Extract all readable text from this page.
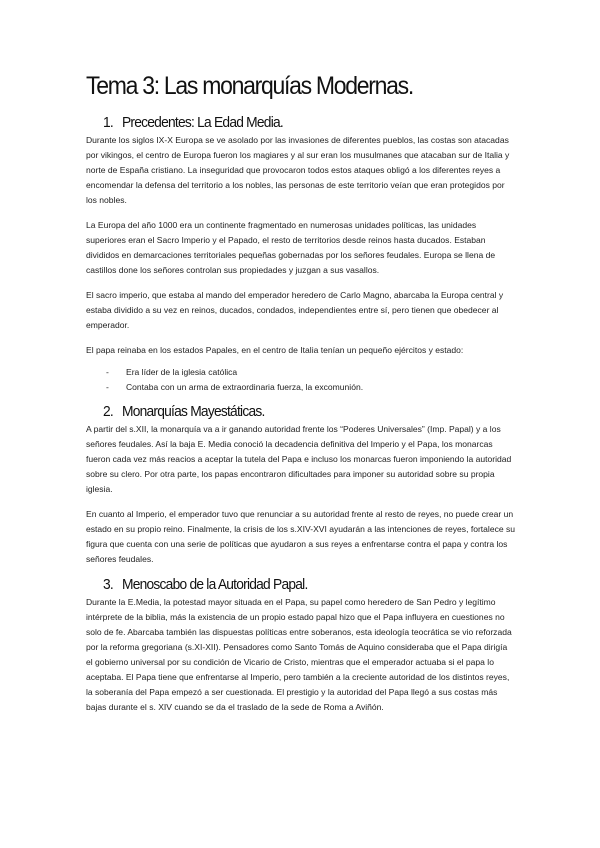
Tema 3: Las monarquías Modernas.
1. Precedentes: La Edad Media.

Durante los siglos IX-X Europa se ve asolado por las invasiones de diferentes pueblos, las costas son atacadas por vikingos, el centro de Europa fueron los magiares y al sur eran los musulmanes que atacaban sur de Italia y norte de España cristiano. La inseguridad que provocaron todos estos ataques obligó a los diferentes reyes a encomendar la defensa del territorio a los nobles, las personas de este territorio veían que eran protegidos por los nobles.

La Europa del año 1000 era un continente fragmentado en numerosas unidades políticas, las unidades superiores eran el Sacro Imperio y el Papado, el resto de territorios desde reinos hasta ducados. Estaban divididos en demarcaciones territoriales pequeñas gobernadas por los señores feudales. Europa se llena de castillos done los señores controlan sus propiedades y juzgan a sus vasallos.

El sacro imperio, que estaba al mando del emperador heredero de Carlo Magno, abarcaba la Europa central y estaba dividido a su vez en reinos, ducados, condados, independientes entre sí, pero tienen que obedecer al emperador.

El papa reinaba en los estados Papales, en el centro de Italia tenían un pequeño ejércitos y estado:

- Era líder de la iglesia católica
- Contaba con un arma de extraordinaria fuerza, la excomunión.
2. Monarquías Mayestáticas.

A partir del s.XII, la monarquía va a ir ganando autoridad frente los “Poderes Universales” (Imp. Papal) y a los señores feudales. Así la baja E. Media conoció la decadencia definitiva del Imperio y el Papa, los monarcas fueron cada vez más reacios a aceptar la tutela del Papa e incluso los monarcas fueron imponiendo la autoridad sobre su clero. Por otra parte, los papas encontraron dificultades para imponer su autoridad sobre su propia iglesia.

En cuanto al Imperio, el emperador tuvo que renunciar a su autoridad frente al resto de reyes, no puede crear un estado en su propio reino. Finalmente, la crisis de los s.XIV-XVI ayudarán a las intenciones de reyes, fortalece su figura que cuenta con una serie de políticas que ayudaron a sus reyes a enfrentarse contra el papa y contra los señores feudales.

3. Menoscabo de la Autoridad Papal.

Durante la E.Media, la potestad mayor situada en el Papa, su papel como heredero de San Pedro y legítimo intérprete de la biblia, más la existencia de un propio estado papal hizo que el Papa influyera en cuestiones no solo de fe. Abarcaba también las dispuestas políticas entre soberanos, esta ideología teocrática se vio reforzada por la reforma gregoriana (s.XI-XII). Pensadores como Santo Tomás de Aquino consideraba que el Papa dirigía el gobierno universal por su condición de Vicario de Cristo, mientras que el emperador actuaba si el papa lo aceptaba. El Papa tiene que enfrentarse al Imperio, pero también a la creciente autoridad de los distintos reyes, la soberanía del Papa empezó a ser cuestionada. El prestigio y la autoridad del Papa llegó a sus costas más bajas durante el s. XIV cuando se da el traslado de la sede de Roma a Aviñón.
